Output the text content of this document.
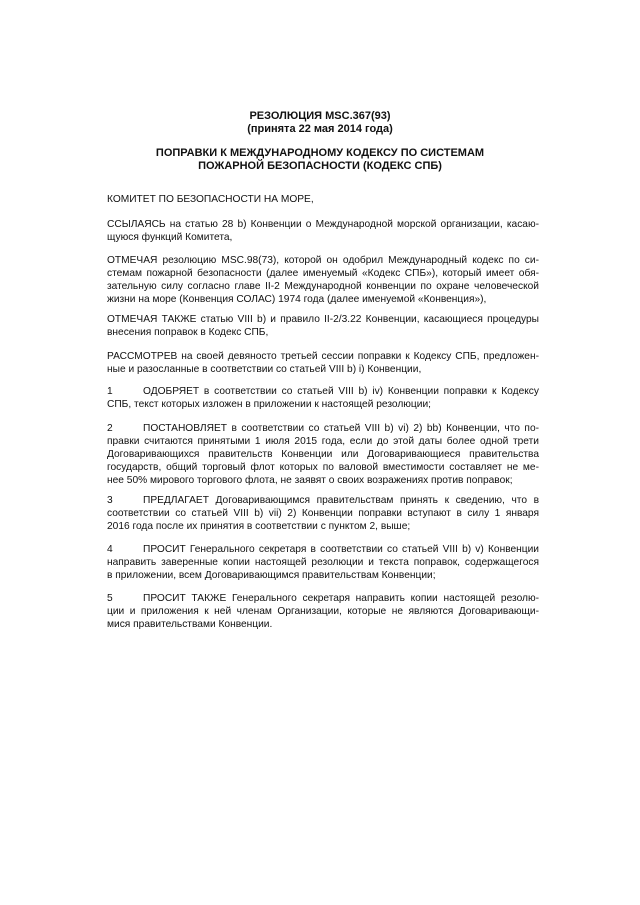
РЕЗОЛЮЦИЯ MSC.367(93)
(принята 22 мая 2014 года)
ПОПРАВКИ К МЕЖДУНАРОДНОМУ КОДЕКСУ ПО СИСТЕМАМ
ПОЖАРНОЙ БЕЗОПАСНОСТИ (КОДЕКС СПБ)
КОМИТЕТ ПО БЕЗОПАСНОСТИ НА МОРЕ,
ССЫЛАЯСЬ на статью 28 b) Конвенции о Международной морской организации, касаю-
щуюся функций Комитета,
ОТМЕЧАЯ резолюцию MSC.98(73), которой он одобрил Международный кодекс по си-
стемам пожарной безопасности (далее именуемый «Кодекс СПБ»), который имеет обя-
зательную силу согласно главе II-2 Международной конвенции по охране человеческой
жизни на море (Конвенция СОЛАС) 1974 года (далее именуемой «Конвенция»),
ОТМЕЧАЯ ТАКЖЕ статью VIII b) и правило II-2/3.22 Конвенции, касающиеся процедуры
внесения поправок в Кодекс СПБ,
РАССМОТРЕВ на своей девяносто третьей сессии поправки к Кодексу СПБ, предложен-
ные и разосланные в соответствии со статьей VIII b) i) Конвенции,
1	ОДОБРЯЕТ в соответствии со статьей VIII b) iv) Конвенции поправки к Кодексу
СПБ, текст которых изложен в приложении к настоящей резолюции;
2	ПОСТАНОВЛЯЕТ в соответствии со статьей VIII b) vi) 2) bb) Конвенции, что по-
правки считаются принятыми 1 июля 2015 года, если до этой даты более одной трети
Договаривающихся правительств Конвенции или Договаривающиеся правительства
государств, общий торговый флот которых по валовой вместимости составляет не ме-
нее 50% мирового торгового флота, не заявят о своих возражениях против поправок;
3	ПРЕДЛАГАЕТ Договаривающимся правительствам принять к сведению, что в
соответствии со статьей VIII b) vii) 2) Конвенции поправки вступают в силу 1 января
2016 года после их принятия в соответствии с пунктом 2, выше;
4	ПРОСИТ Генерального секретаря в соответствии со статьей VIII b) v) Конвенции
направить заверенные копии настоящей резолюции и текста поправок, содержащегося
в приложении, всем Договаривающимся правительствам Конвенции;
5	ПРОСИТ ТАКЖЕ Генерального секретаря направить копии настоящей резолю-
ции и приложения к ней членам Организации, которые не являются Договаривающи-
мися правительствами Конвенции.
